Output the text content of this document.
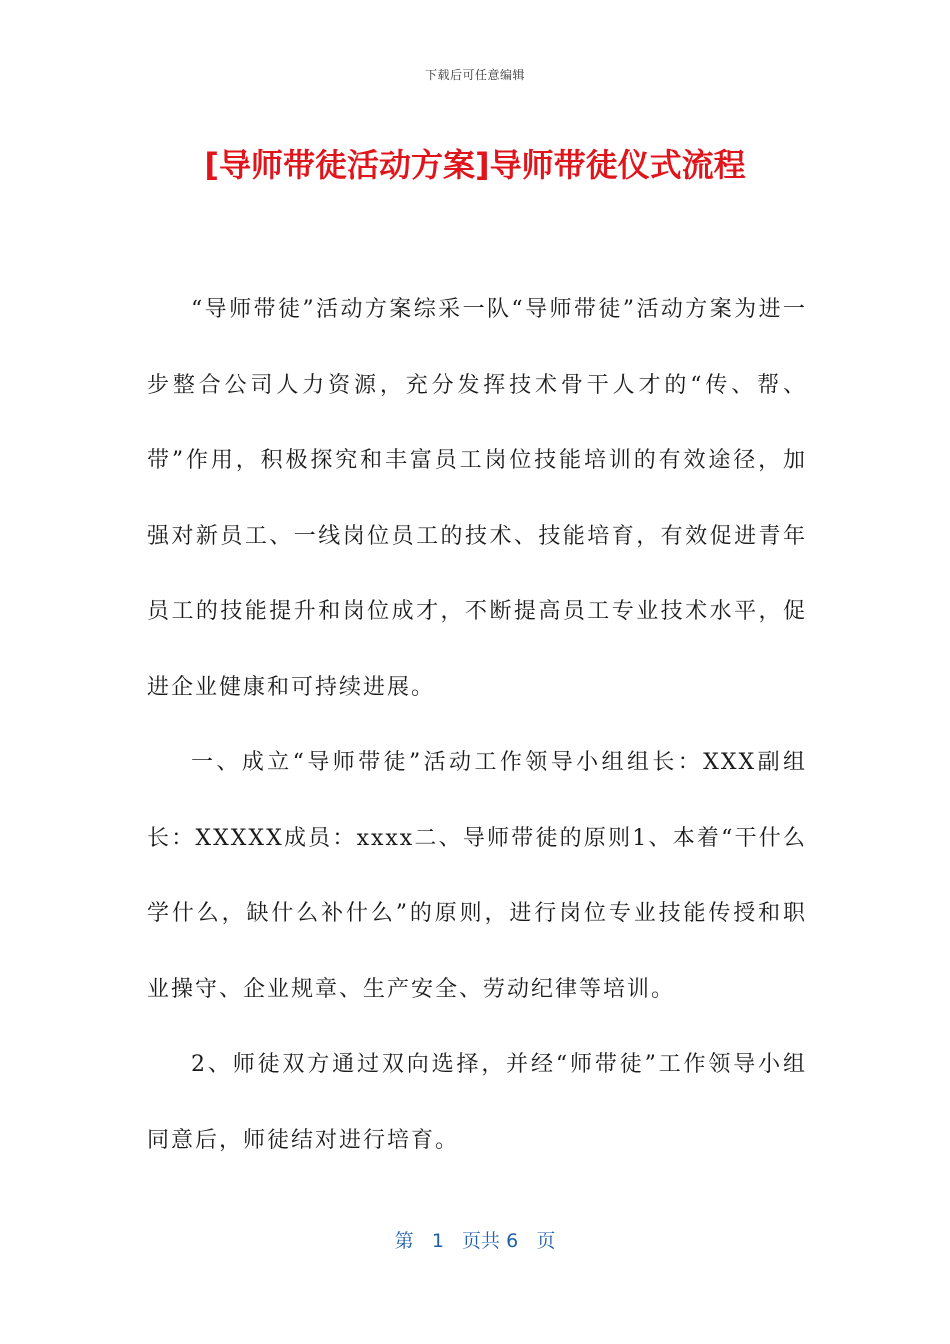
下载后可任意编辑
[导师带徒活动方案]导师带徒仪式流程

“导师带徒”活动方案综采一队“导师带徒”活动方案为进一步整合公司人力资源，充分发挥技术骨干人才的“传、帮、带”作用，积极探究和丰富员工岗位技能培训的有效途径，加强对新员工、一线岗位员工的技术、技能培育，有效促进青年员工的技能提升和岗位成才，不断提高员工专业技术水平，促进企业健康和可持续进展。

一、成立“导师带徒”活动工作领导小组组长：XXX副组长：XXXXX成员：xxxx二、导师带徒的原则1、本着“干什么学什么，缺什么补什么”的原则，进行岗位专业技能传授和职业操守、企业规章、生产安全、劳动纪律等培训。

2、师徒双方通过双向选择，并经“师带徒”工作领导小组同意后，师徒结对进行培育。

第 1 页共 6 页
